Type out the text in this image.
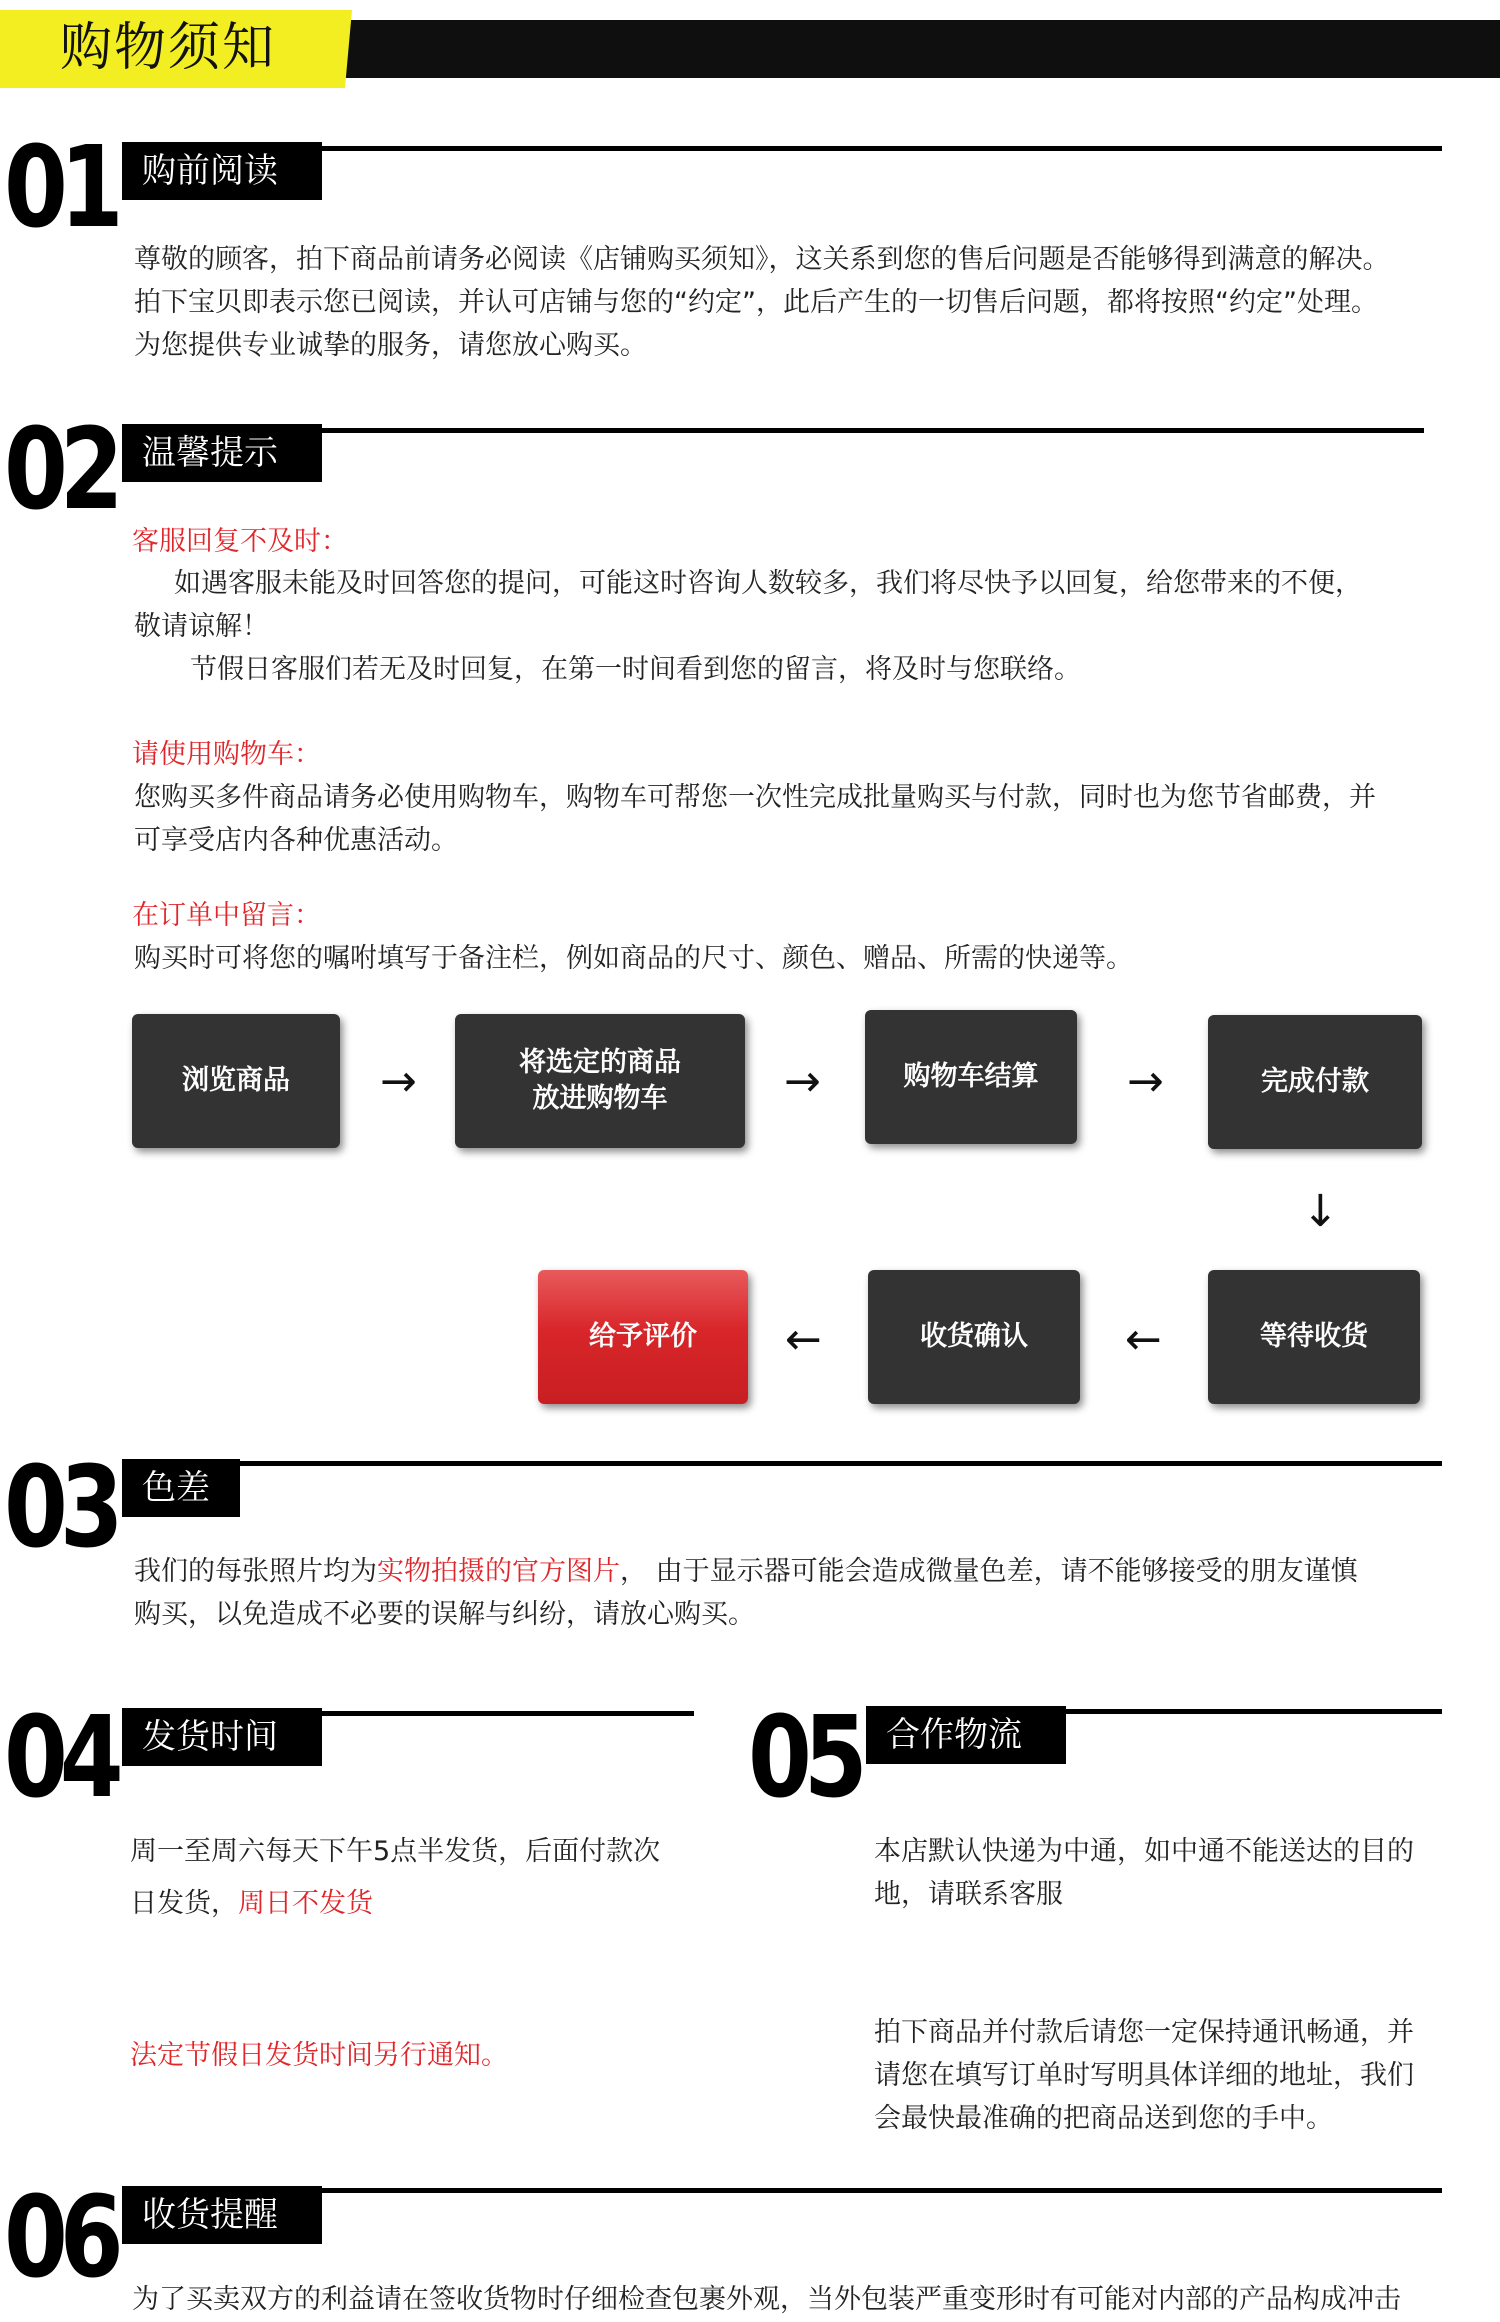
购物须知
01 购前阅读
尊敬的顾客，拍下商品前请务必阅读《店铺购买须知》，这关系到您的售后问题是否能够得到满意的解决。
拍下宝贝即表示您已阅读，并认可店铺与您的“约定”，此后产生的一切售后问题，都将按照“约定”处理。
为您提供专业诚挚的服务，请您放心购买。
02 温馨提示
客服回复不及时：
如遇客服未能及时回答您的提问，可能这时咨询人数较多，我们将尽快予以回复，给您带来的不便，
敬请谅解！
节假日客服们若无及时回复，在第一时间看到您的留言，将及时与您联络。
请使用购物车：
您购买多件商品请务必使用购物车，购物车可帮您一次性完成批量购买与付款，同时也为您节省邮费，并
可享受店内各种优惠活动。
在订单中留言：
购买时可将您的嘱咐填写于备注栏，例如商品的尺寸、颜色、赠品、所需的快递等。
浏览商品 →	将选定的商品
放进购物车	→	购物车结算 →	完成付款
↓
等待收货
←
收货确认
←
给予评价
03 色差
我们的每张照片均为实物拍摄的官方图片， 由于显示器可能会造成微量色差，请不能够接受的朋友谨慎
购买，以免造成不必要的误解与纠纷，请放心购买。
04 发货时间
周一至周六每天下午5点半发货，后面付款次
日发货，周日不发货
法定节假日发货时间另行通知。
05 合作物流
本店默认快递为中通，如中通不能送达的目的
地，请联系客服
拍下商品并付款后请您一定保持通讯畅通，并
请您在填写订单时写明具体详细的地址，我们
会最快最准确的把商品送到您的手中。
06 收货提醒
为了买卖双方的利益请在签收货物时仔细检查包裹外观，当外包装严重变形时有可能对内部的产品构成冲击
